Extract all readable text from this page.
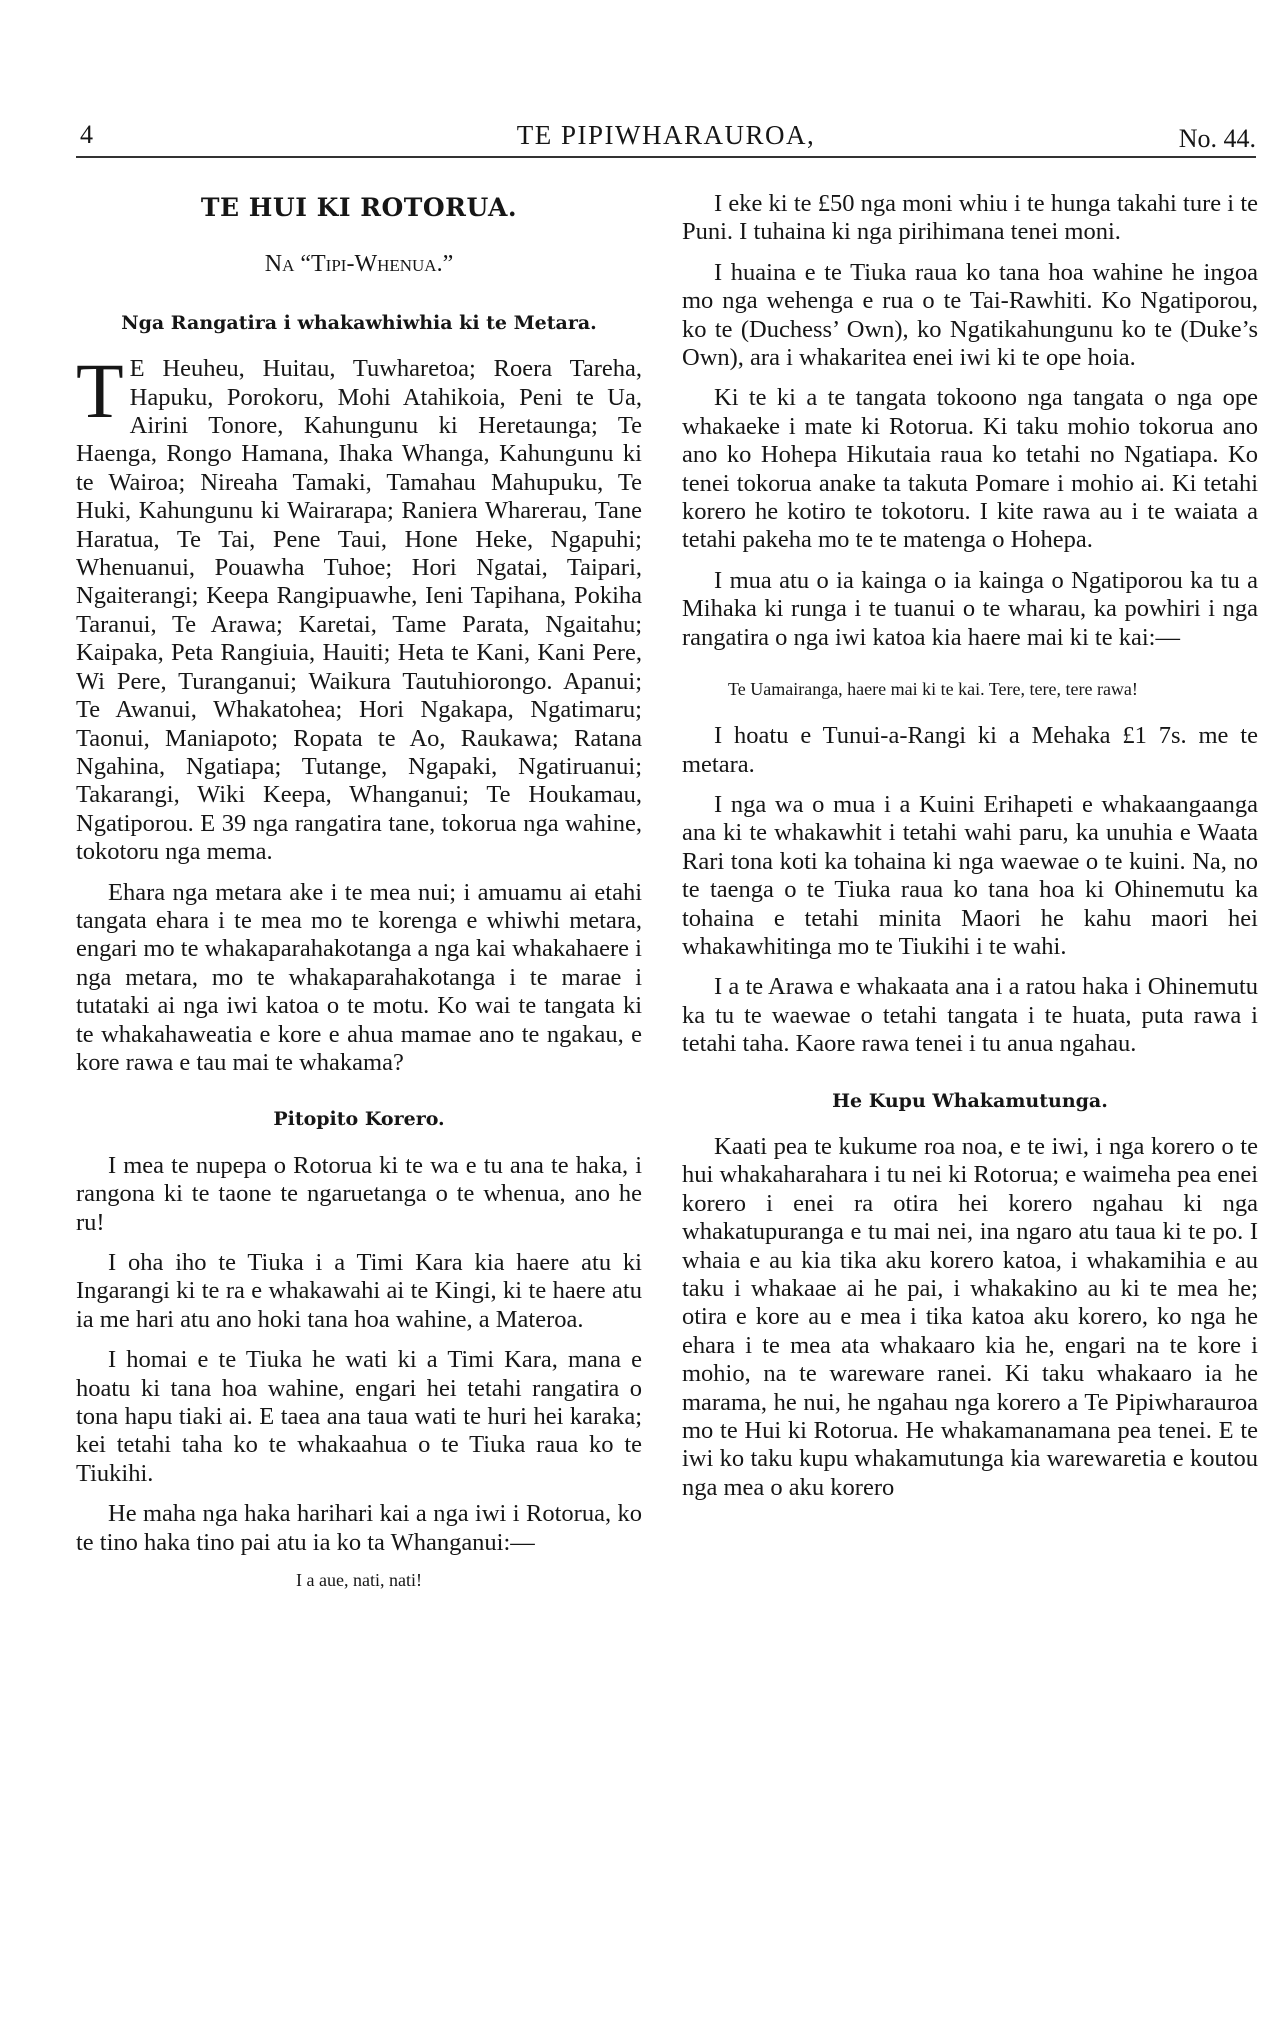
4	TE PIPIWHARAUROA,	No. 44.
TE HUI KI ROTORUA.
Na “Tipi-Whenua.”
Nga Rangatira i whakawhiwhia ki te Metara.

T E Heuheu, Huitau, Tuwharetoa; Roera Tareha, Hapuku, Porokoru, Mohi Atahikoia, Peni te Ua, Airini Tonore, Kahungunu ki Heretaunga; Te Haenga, Rongo Hamana, Ihaka Whanga, Kahungunu ki te Wairoa; Nireaha Tamaki, Tamahau Mahupuku, Te Huki, Kahungunu ki Wairarapa; Raniera Wharerau, Tane Haratua, Te Tai, Pene Taui, Hone Heke, Ngapuhi; Whenuanui, Pouawha Tuhoe; Hori Ngatai, Taipari, Ngaiterangi; Keepa Rangipuawhe, Ieni Tapihana, Pokiha Taranui, Te Arawa; Karetai, Tame Parata, Ngaitahu; Kaipaka, Peta Rangiuia, Hauiti; Heta te Kani, Kani Pere, Wi Pere, Turanganui; Waikura Tautuhiorongo. Apanui; Te Awanui, Whakatohea; Hori Ngakapa, Ngatimaru; Taonui, Maniapoto; Ropata te Ao, Raukawa; Ratana Ngahina, Ngatiapa; Tutange, Ngapaki, Ngatiruanui; Takarangi, Wiki Keepa, Whanganui; Te Houkamau, Ngatiporou. E 39 nga rangatira tane, tokorua nga wahine, tokotoru nga mema.

Ehara nga metara ake i te mea nui; i amuamu ai etahi tangata ehara i te mea mo te korenga e whiwhi metara, engari mo te whakaparahakotanga a nga kai whakahaere i nga metara, mo te whakaparahakotanga i te marae i tutataki ai nga iwi katoa o te motu. Ko wai te tangata ki te whakahaweatia e kore e ahua mamae ano te ngakau, e kore rawa e tau mai te whakama?

Pitopito Korero.

I mea te nupepa o Rotorua ki te wa e tu ana te haka, i rangona ki te taone te ngaruetanga o te whenua, ano he ru!

I oha iho te Tiuka i a Timi Kara kia haere atu ki Ingarangi ki te ra e whakawahi ai te Kingi, ki te haere atu ia me hari atu ano hoki tana hoa wahine, a Materoa.

I homai e te Tiuka he wati ki a Timi Kara, mana e hoatu ki tana hoa wahine, engari hei tetahi rangatira o tona hapu tiaki ai. E taea ana taua wati te huri hei karaka; kei tetahi taha ko te whakaahua o te Tiuka raua ko te Tiukihi.

He maha nga haka harihari kai a nga iwi i Rotorua, ko te tino haka tino pai atu ia ko ta Whanganui:—

I a aue, nati, nati!

I eke ki te £50 nga moni whiu i te hunga takahi ture i te Puni. I tuhaina ki nga pirihimana tenei moni.

I huaina e te Tiuka raua ko tana hoa wahine he ingoa mo nga wehenga e rua o te Tai-Rawhiti. Ko Ngatiporou, ko te (Duchess’ Own), ko Ngatikahungunu ko te (Duke’s Own), ara i whakaritea enei iwi ki te ope hoia.

Ki te ki a te tangata tokoono nga tangata o nga ope whakaeke i mate ki Rotorua. Ki taku mohio tokorua ano ano ko Hohepa Hikutaia raua ko tetahi no Ngatiapa. Ko tenei tokorua anake ta takuta Pomare i mohio ai. Ki tetahi korero he kotiro te tokotoru. I kite rawa au i te waiata a tetahi pakeha mo te te matenga o Hohepa.

I mua atu o ia kainga o ia kainga o Ngatiporou ka tu a Mihaka ki runga i te tuanui o te wharau, ka powhiri i nga rangatira o nga iwi katoa kia haere mai ki te kai:—

Te Uamairanga, haere mai ki te kai. Tere, tere, tere rawa!

I hoatu e Tunui-a-Rangi ki a Mehaka £1 7s. me te metara.

I nga wa o mua i a Kuini Erihapeti e whakaangaanga ana ki te whakawhit i tetahi wahi paru, ka unuhia e Waata Rari tona koti ka tohaina ki nga waewae o te kuini. Na, no te taenga o te Tiuka raua ko tana hoa ki Ohinemutu ka tohaina e tetahi minita Maori he kahu maori hei whakawhitinga mo te Tiukihi i te wahi.

I a te Arawa e whakaata ana i a ratou haka i Ohinemutu ka tu te waewae o tetahi tangata i te huata, puta rawa i tetahi taha. Kaore rawa tenei i tu anua ngahau.

He Kupu Whakamutunga.

Kaati pea te kukume roa noa, e te iwi, i nga korero o te hui whakaharahara i tu nei ki Rotorua; e waimeha pea enei korero i enei ra otira hei korero ngahau ki nga whakatupuranga e tu mai nei, ina ngaro atu taua ki te po. I whaia e au kia tika aku korero katoa, i whakamihia e au taku i whakaae ai he pai, i whakakino au ki te mea he; otira e kore au e mea i tika katoa aku korero, ko nga he ehara i te mea ata whakaaro kia he, engari na te kore i mohio, na te wareware ranei. Ki taku whakaaro ia he marama, he nui, he ngahau nga korero a Te Pipiwharauroa mo te Hui ki Rotorua. He whakamanamana pea tenei. E te iwi ko taku kupu whakamutunga kia warewaretia e koutou nga mea o aku korero
